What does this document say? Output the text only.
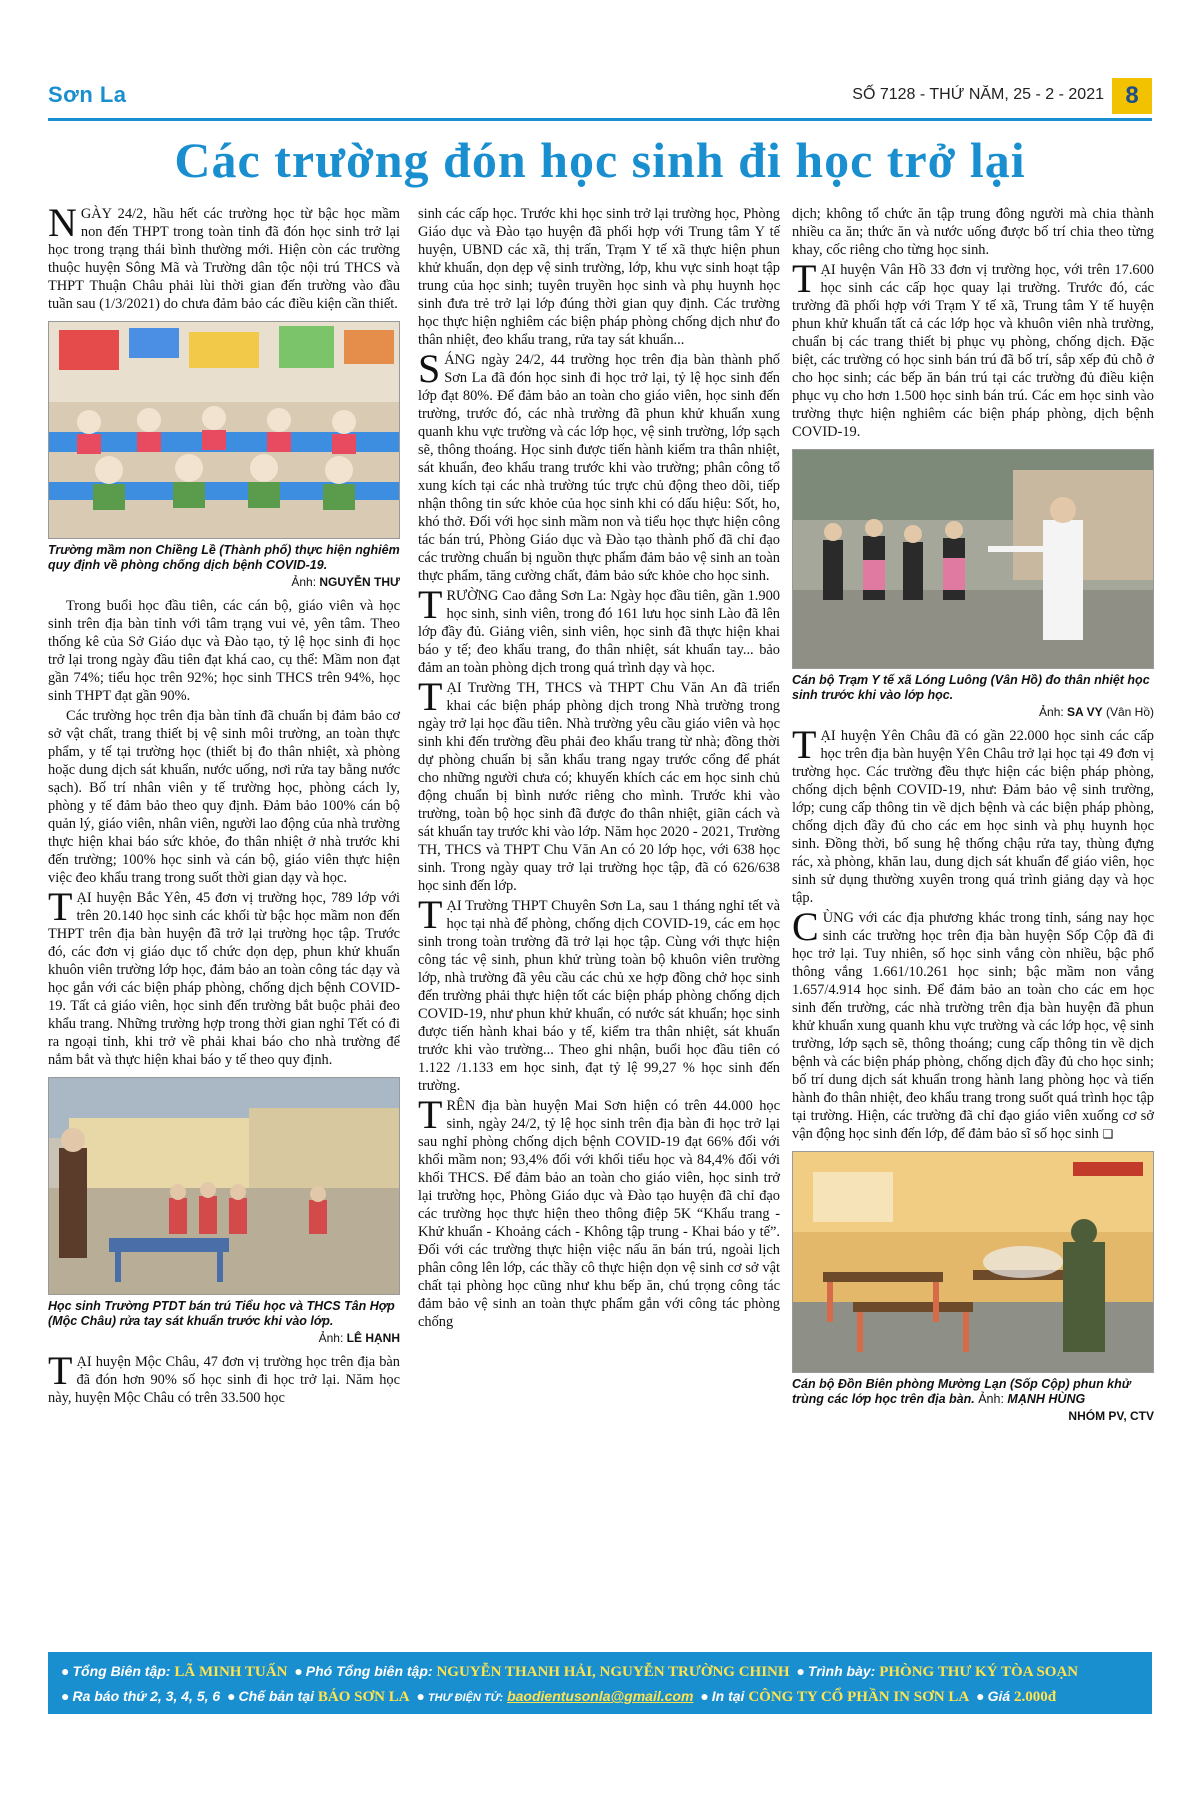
Sơn La	SỐ 7128 - THỨ NĂM, 25 - 2 - 2021 8
Các trường đón học sinh đi học trở lại

NGÀY 24/2, hầu hết các trường học từ bậc học mầm non đến THPT trong toàn tỉnh đã đón học sinh trở lại học trong trạng thái bình thường mới. Hiện còn các trường thuộc huyện Sông Mã và Trường dân tộc nội trú THCS và THPT Thuận Châu phải lùi thời gian đến trường vào đầu tuần sau (1/3/2021) do chưa đảm bảo các điều kiện cần thiết.

Trường mầm non Chiềng Lề (Thành phố) thực hiện nghiêm quy định về phòng chống dịch bệnh COVID-19.
Ảnh: NGUYỄN THƯ

Trong buổi học đầu tiên, các cán bộ, giáo viên và học sinh trên địa bàn tỉnh với tâm trạng vui vẻ, yên tâm. Theo thống kê của Sở Giáo dục và Đào tạo, tỷ lệ học sinh đi học trở lại trong ngày đầu tiên đạt khá cao, cụ thể: Mầm non đạt gần 74%; tiểu học trên 92%; học sinh THCS trên 94%, học sinh THPT đạt gần 90%.

Các trường học trên địa bàn tỉnh đã chuẩn bị đảm bảo cơ sở vật chất, trang thiết bị vệ sinh môi trường, an toàn thực phẩm, y tế tại trường học (thiết bị đo thân nhiệt, xà phòng hoặc dung dịch sát khuẩn, nước uống, nơi rửa tay bằng nước sạch). Bố trí nhân viên y tế trường học, phòng cách ly, phòng y tế đảm bảo theo quy định. Đảm bảo 100% cán bộ quản lý, giáo viên, nhân viên, người lao động của nhà trường thực hiện khai báo sức khỏe, đo thân nhiệt ở nhà trước khi đến trường; 100% học sinh và cán bộ, giáo viên thực hiện việc đeo khẩu trang trong suốt thời gian dạy và học.

TẠI huyện Bắc Yên, 45 đơn vị trường học, 789 lớp với trên 20.140 học sinh các khối từ bậc học mầm non đến THPT trên địa bàn huyện đã trở lại trường học tập. Trước đó, các đơn vị giáo dục tổ chức dọn dẹp, phun khử khuẩn khuôn viên trường lớp học, đảm bảo an toàn công tác dạy và học gắn với các biện pháp phòng, chống dịch bệnh COVID-19. Tất cả giáo viên, học sinh đến trường bắt buộc phải đeo khẩu trang. Những trường hợp trong thời gian nghỉ Tết có đi ra ngoại tỉnh, khi trở về phải khai báo cho nhà trường để nắm bắt và thực hiện khai báo y tế theo quy định.

Học sinh Trường PTDT bán trú Tiểu học và THCS Tân Hợp (Mộc Châu) rửa tay sát khuẩn trước khi vào lớp.
Ảnh: LÊ HẠNH

TẠI huyện Mộc Châu, 47 đơn vị trường học trên địa bàn đã đón hơn 90% số học sinh đi học trở lại. Năm học này, huyện Mộc Châu có trên 33.500 học

sinh các cấp học. Trước khi học sinh trở lại trường học, Phòng Giáo dục và Đào tạo huyện đã phối hợp với Trung tâm Y tế huyện, UBND các xã, thị trấn, Trạm Y tế xã thực hiện phun khử khuẩn, dọn dẹp vệ sinh trường, lớp, khu vực sinh hoạt tập trung của học sinh; tuyên truyền học sinh và phụ huynh học sinh đưa trẻ trở lại lớp đúng thời gian quy định. Các trường học thực hiện nghiêm các biện pháp phòng chống dịch như đo thân nhiệt, đeo khẩu trang, rửa tay sát khuẩn...

SÁNG ngày 24/2, 44 trường học trên địa bàn thành phố Sơn La đã đón học sinh đi học trở lại, tỷ lệ học sinh đến lớp đạt 80%. Để đảm bảo an toàn cho giáo viên, học sinh đến trường, trước đó, các nhà trường đã phun khử khuẩn xung quanh khu vực trường và các lớp học, vệ sinh trường, lớp sạch sẽ, thông thoáng. Học sinh được tiến hành kiểm tra thân nhiệt, sát khuẩn, đeo khẩu trang trước khi vào trường; phân công tổ xung kích tại các nhà trường túc trực chủ động theo dõi, tiếp nhận thông tin sức khỏe của học sinh khi có dấu hiệu: Sốt, ho, khó thở. Đối với học sinh mầm non và tiểu học thực hiện công tác bán trú, Phòng Giáo dục và Đào tạo thành phố đã chỉ đạo các trường chuẩn bị nguồn thực phẩm đảm bảo vệ sinh an toàn thực phẩm, tăng cường chất, đảm bảo sức khỏe cho học sinh.

TRƯỜNG Cao đẳng Sơn La: Ngày học đầu tiên, gần 1.900 học sinh, sinh viên, trong đó 161 lưu học sinh Lào đã lên lớp đầy đủ. Giảng viên, sinh viên, học sinh đã thực hiện khai báo y tế; đeo khẩu trang, đo thân nhiệt, sát khuẩn tay... bảo đảm an toàn phòng dịch trong quá trình dạy và học.

TẠI Trường TH, THCS và THPT Chu Văn An đã triển khai các biện pháp phòng dịch trong Nhà trường trong ngày trở lại học đầu tiên. Nhà trường yêu cầu giáo viên và học sinh khi đến trường đều phải đeo khẩu trang từ nhà; đồng thời dự phòng chuẩn bị sẵn khẩu trang ngay trước cổng để phát cho những người chưa có; khuyến khích các em học sinh chủ động chuẩn bị bình nước riêng cho mình. Trước khi vào trường, toàn bộ học sinh đã được đo thân nhiệt, giãn cách và sát khuẩn tay trước khi vào lớp. Năm học 2020 - 2021, Trường TH, THCS và THPT Chu Văn An có 20 lớp học, với 638 học sinh. Trong ngày quay trở lại trường học tập, đã có 626/638 học sinh đến lớp.

TẠI Trường THPT Chuyên Sơn La, sau 1 tháng nghỉ tết và học tại nhà để phòng, chống dịch COVID-19, các em học sinh trong toàn trường đã trở lại học tập. Cùng với thực hiện công tác vệ sinh, phun khử trùng toàn bộ khuôn viên trường lớp, nhà trường đã yêu cầu các chủ xe hợp đồng chở học sinh đến trường phải thực hiện tốt các biện pháp phòng chống dịch COVID-19, như phun khử khuẩn, có nước sát khuẩn; học sinh được tiến hành khai báo y tế, kiểm tra thân nhiệt, sát khuẩn trước khi vào trường... Theo ghi nhận, buổi học đầu tiên có 1.122 /1.133 em học sinh, đạt tỷ lệ 99,27 % học sinh đến trường.

TRÊN địa bàn huyện Mai Sơn hiện có trên 44.000 học sinh, ngày 24/2, tỷ lệ học sinh trên địa bàn đi học trở lại sau nghỉ phòng chống dịch bệnh COVID-19 đạt 66% đối với khối mầm non; 93,4% đối với khối tiểu học và 84,4% đối với khối THCS. Để đảm bảo an toàn cho giáo viên, học sinh trở lại trường học, Phòng Giáo dục và Đào tạo huyện đã chỉ đạo các trường học thực hiện theo thông điệp 5K “Khẩu trang - Khử khuẩn - Khoảng cách - Không tập trung - Khai báo y tế”. Đối với các trường thực hiện việc nấu ăn bán trú, ngoài lịch phân công lên lớp, các thầy cô thực hiện dọn vệ sinh cơ sở vật chất tại phòng học cũng như khu bếp ăn, chú trọng công tác đảm bảo vệ sinh an toàn thực phẩm gắn với công tác phòng chống

dịch; không tổ chức ăn tập trung đông người mà chia thành nhiều ca ăn; thức ăn và nước uống được bố trí chia theo từng khay, cốc riêng cho từng học sinh.

TẠI huyện Vân Hồ 33 đơn vị trường học, với trên 17.600 học sinh các cấp học quay lại trường. Trước đó, các trường đã phối hợp với Trạm Y tế xã, Trung tâm Y tế huyện phun khử khuẩn tất cả các lớp học và khuôn viên nhà trường, chuẩn bị các trang thiết bị phục vụ phòng, chống dịch. Đặc biệt, các trường có học sinh bán trú đã bố trí, sắp xếp đủ chỗ ở cho học sinh; các bếp ăn bán trú tại các trường đủ điều kiện phục vụ cho hơn 1.500 học sinh bán trú. Các em học sinh vào trường thực hiện nghiêm các biện pháp phòng, dịch bệnh COVID-19.

Cán bộ Trạm Y tế xã Lóng Luông (Vân Hồ) đo thân nhiệt học sinh trước khi vào lớp học.
Ảnh: SA VY (Vân Hồ)

TẠI huyện Yên Châu đã có gần 22.000 học sinh các cấp học trên địa bàn huyện Yên Châu trở lại học tại 49 đơn vị trường học. Các trường đều thực hiện các biện pháp phòng, chống dịch bệnh COVID-19, như: Đảm bảo vệ sinh trường, lớp; cung cấp thông tin về dịch bệnh và các biện pháp phòng, chống dịch đầy đủ cho các em học sinh và phụ huynh học sinh. Đồng thời, bố sung hệ thống chậu rửa tay, thùng đựng rác, xà phòng, khăn lau, dung dịch sát khuẩn để giáo viên, học sinh sử dụng thường xuyên trong quá trình giảng dạy và học tập.

CÙNG với các địa phương khác trong tỉnh, sáng nay học sinh các trường học trên địa bàn huyện Sốp Cộp đã đi học trở lại. Tuy nhiên, số học sinh vắng còn nhiều, bậc phổ thông vắng 1.661/10.261 học sinh; bậc mầm non vắng 1.657/4.914 học sinh. Để đảm bảo an toàn cho các em học sinh đến trường, các nhà trường trên địa bàn huyện đã phun khử khuẩn xung quanh khu vực trường và các lớp học, vệ sinh trường, lớp sạch sẽ, thông thoáng; cung cấp thông tin về dịch bệnh và các biện pháp phòng, chống dịch đầy đủ cho học sinh; bố trí dung dịch sát khuẩn trong hành lang phòng học và tiến hành đo thân nhiệt, đeo khẩu trang trong suốt quá trình học tập tại trường. Hiện, các trường đã chỉ đạo giáo viên xuống cơ sở vận động học sinh đến lớp, để đảm bảo sĩ số học sinh ❑

Cán bộ Đồn Biên phòng Mường Lạn (Sốp Cộp) phun khử trùng các lớp học trên địa bàn. Ảnh: MẠNH HÙNG
NHÓM PV, CTV
● Tổng Biên tập: LÃ MINH TUẤN ● Phó Tổng biên tập: NGUYỄN THANH HẢI, NGUYỄN TRƯỜNG CHINH ● Trình bày: PHÒNG THƯ KÝ TÒA SOẠN
● Ra báo thứ 2, 3, 4, 5, 6 ● Chế bản tại BÁO SƠN LA ● THƯ ĐIỆN TỬ: baodientusonla@gmail.com ● In tại CÔNG TY CỔ PHẦN IN SƠN LA ● Giá 2.000đ
